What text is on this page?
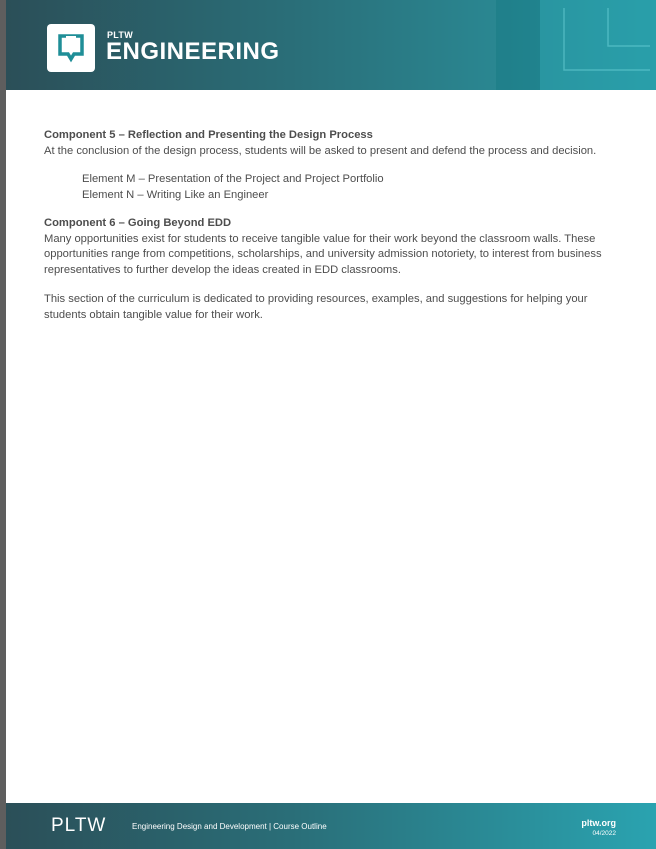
PLTW
ENGINEERING
Component 5 – Reflection and Presenting the Design Process

At the conclusion of the design process, students will be asked to present and defend the process and decision.

Element M – Presentation of the Project and Project Portfolio

Element N – Writing Like an Engineer

Component 6 – Going Beyond EDD

Many opportunities exist for students to receive tangible value for their work beyond the classroom walls. These opportunities range from competitions, scholarships, and university admission notoriety, to interest from business representatives to further develop the ideas created in EDD classrooms.

This section of the curriculum is dedicated to providing resources, examples, and suggestions for helping your students obtain tangible value for their work.

PLTW	Engineering Design and Development | Course Outline	pltw.org
04/2022
